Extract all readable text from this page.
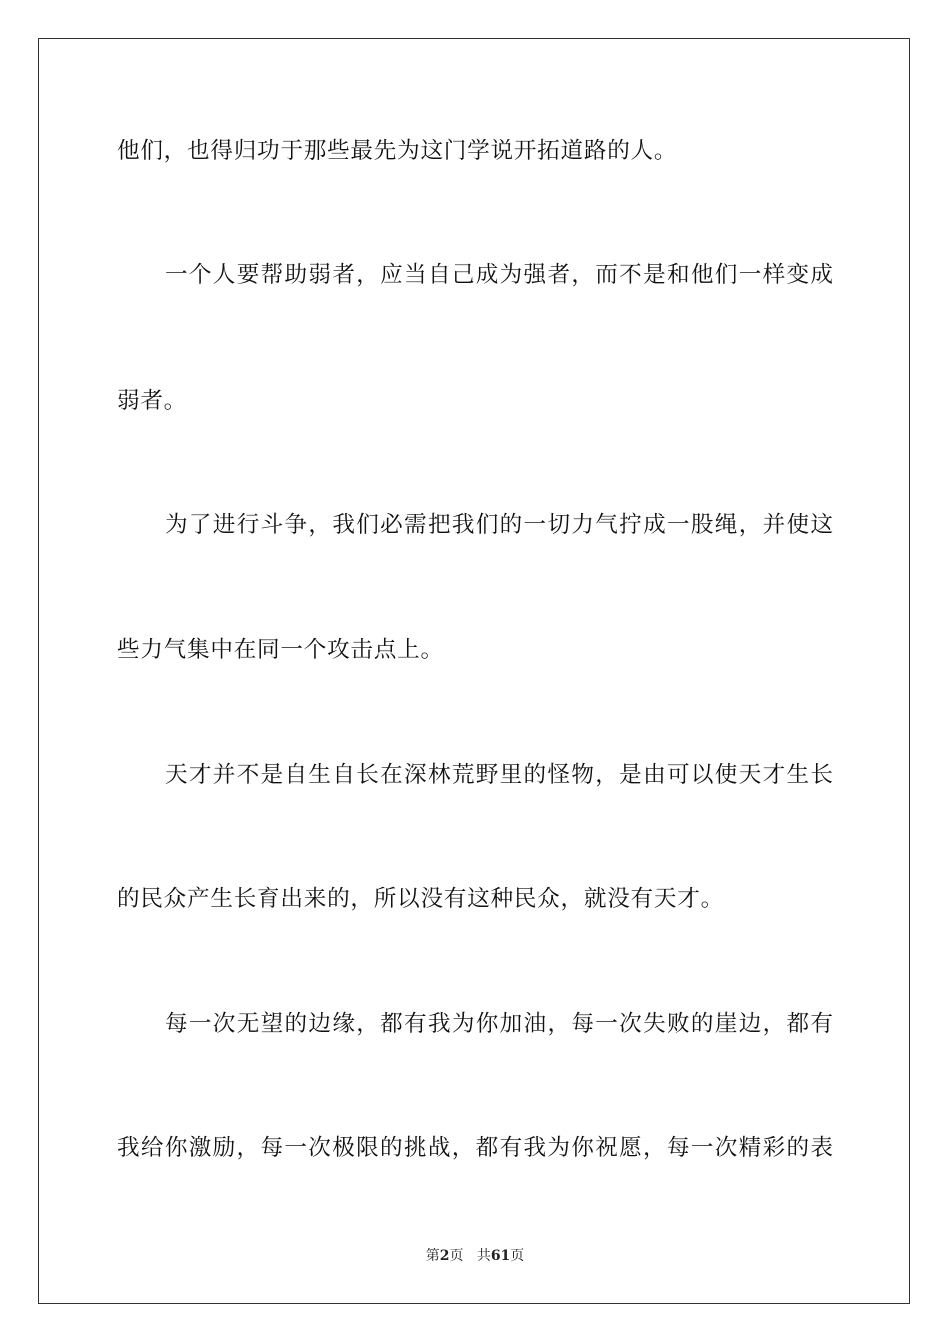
他们，也得归功于那些最先为这门学说开拓道路的人。
一个人要帮助弱者，应当自己成为强者，而不是和他们一样变成
弱者。
为了进行斗争，我们必需把我们的一切力气拧成一股绳，并使这
些力气集中在同一个攻击点上。
天才并不是自生自长在深林荒野里的怪物，是由可以使天才生长
的民众产生长育出来的，所以没有这种民众，就没有天才。
每一次无望的边缘，都有我为你加油，每一次失败的崖边，都有
我给你激励，每一次极限的挑战，都有我为你祝愿，每一次精彩的表
第2页 共61页
